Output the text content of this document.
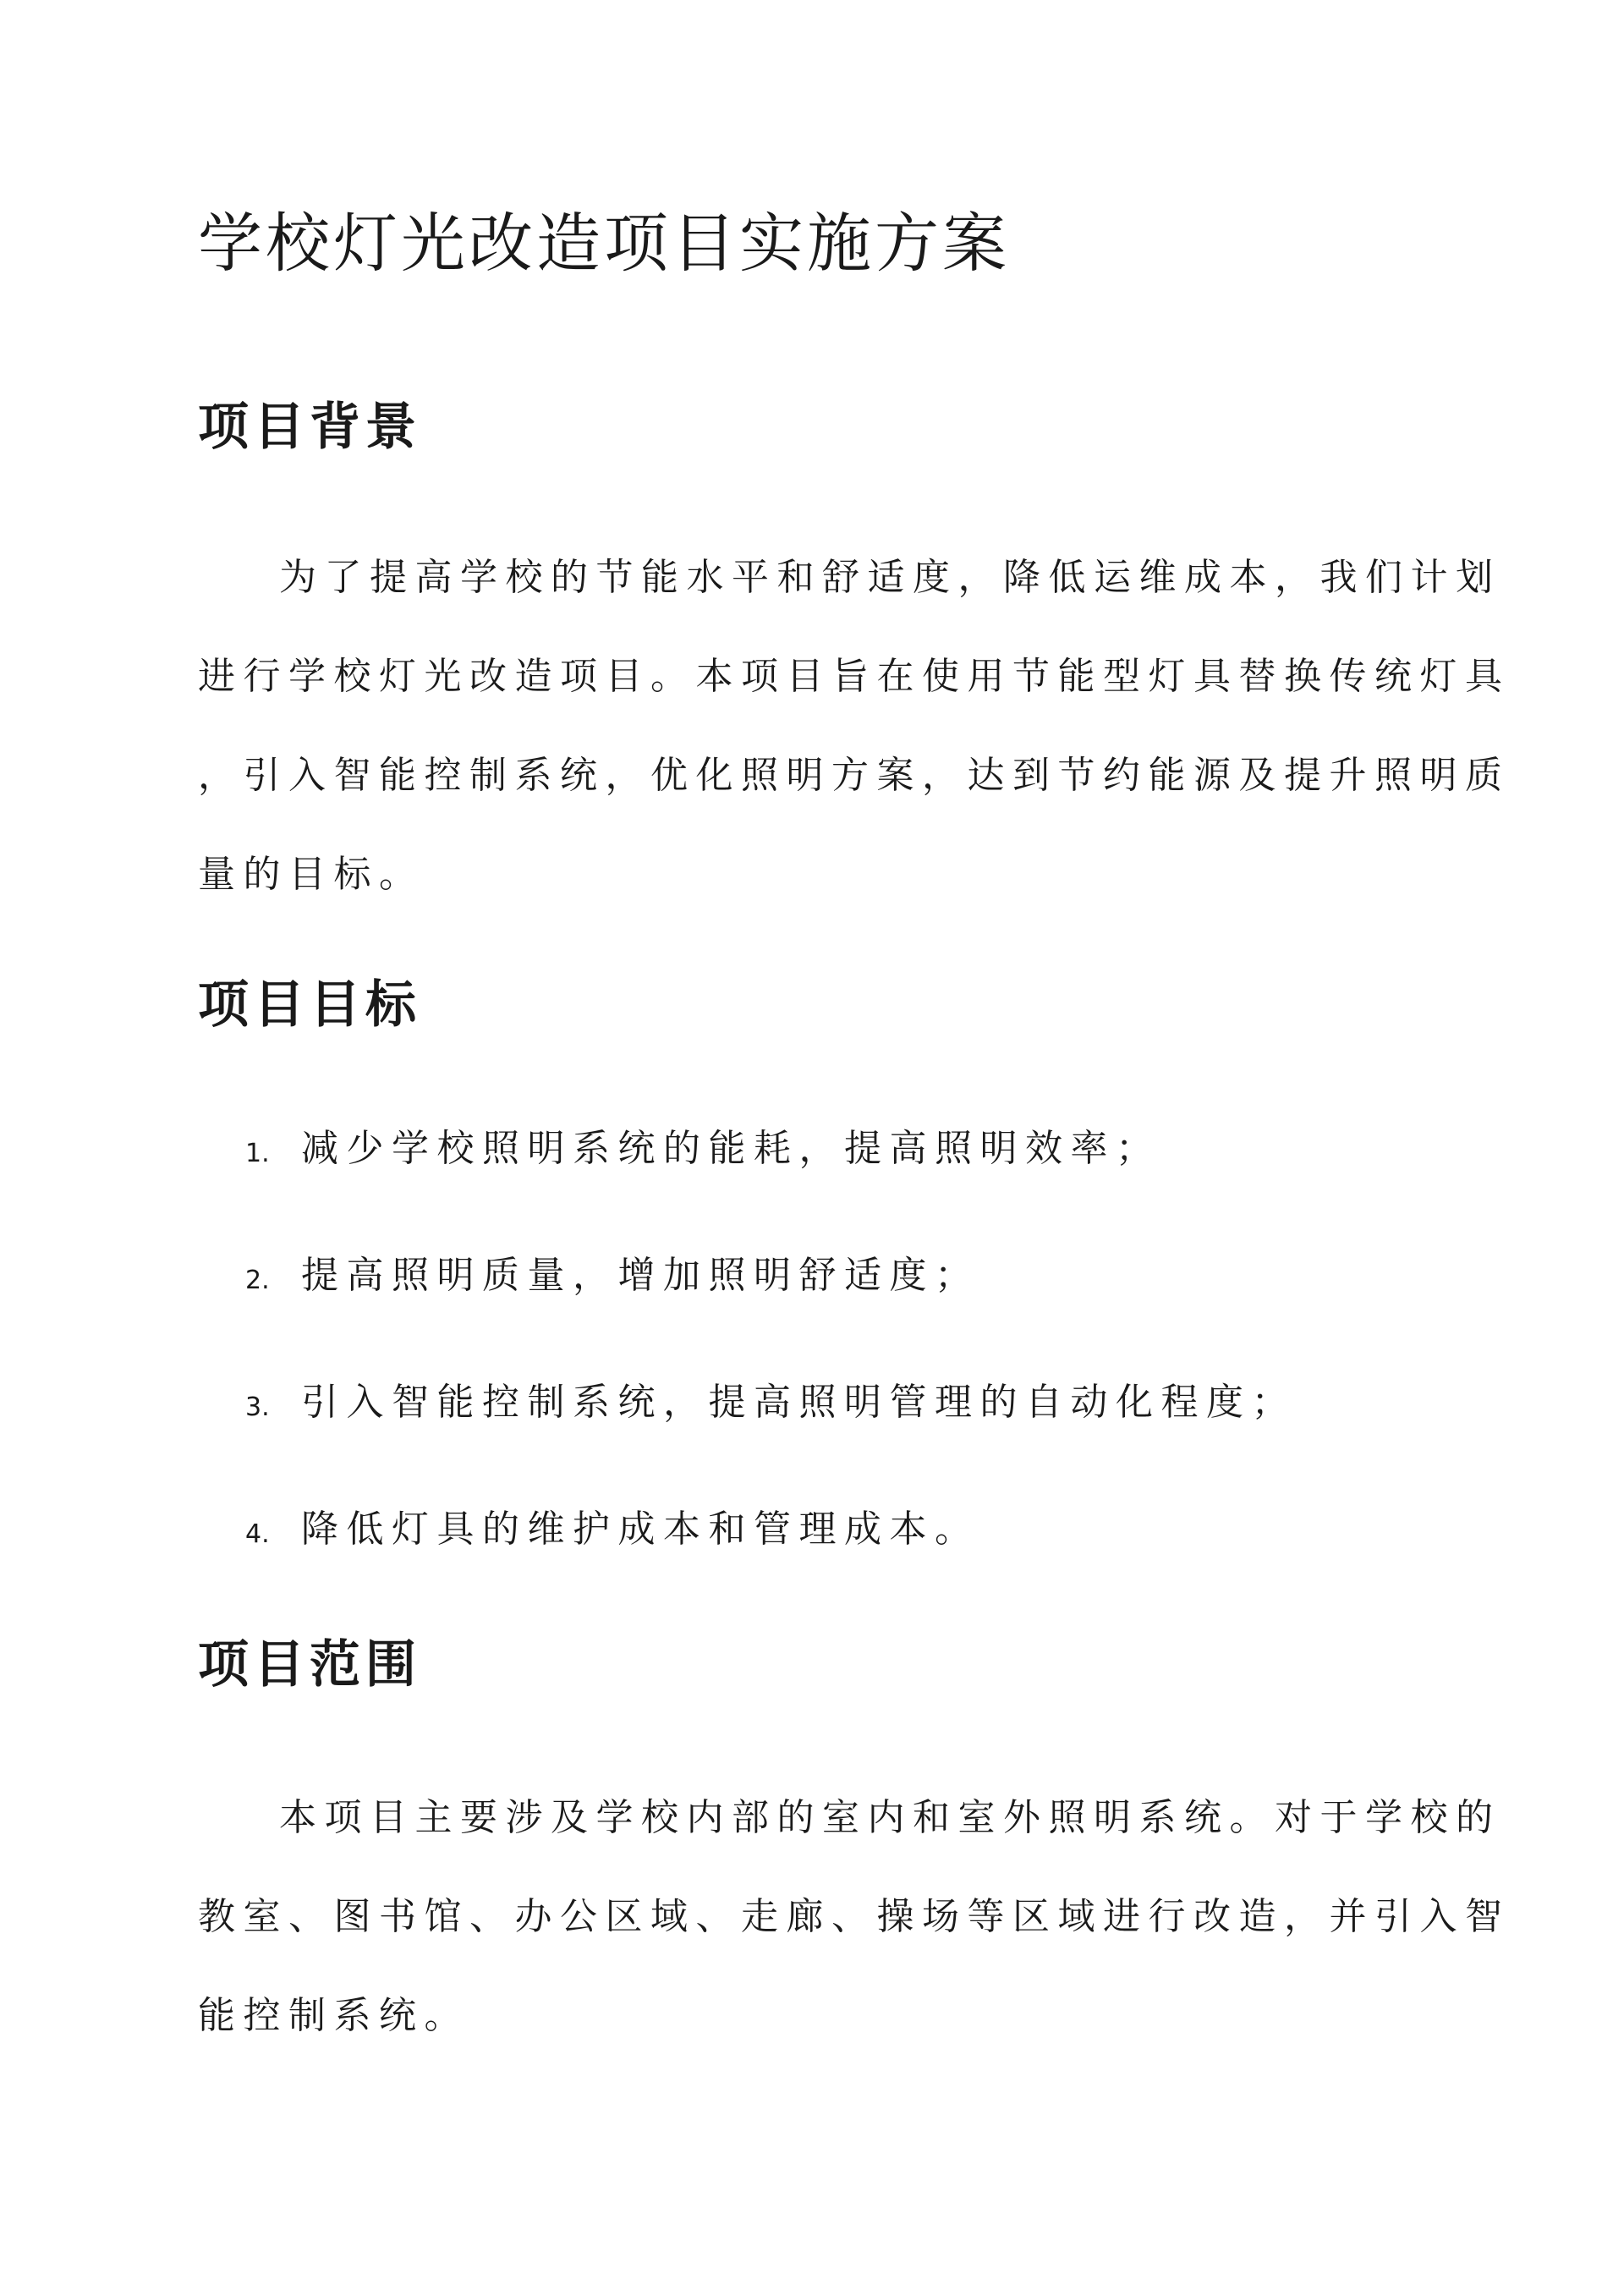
学校灯光改造项目实施方案
项目背景

为了提高学校的节能水平和舒适度，降低运维成本，我们计划
进行学校灯光改造项目。本项目旨在使用节能型灯具替换传统灯具
，引入智能控制系统，优化照明方案，达到节约能源及提升照明质
量的目标。

项目目标
1. 减少学校照明系统的能耗，提高照明效率；
2. 提高照明质量，增加照明舒适度；
3. 引入智能控制系统，提高照明管理的自动化程度；
4. 降低灯具的维护成本和管理成本。
项目范围

本项目主要涉及学校内部的室内和室外照明系统。对于学校的
教室、图书馆、办公区域、走廊、操场等区域进行改造，并引入智
能控制系统。
